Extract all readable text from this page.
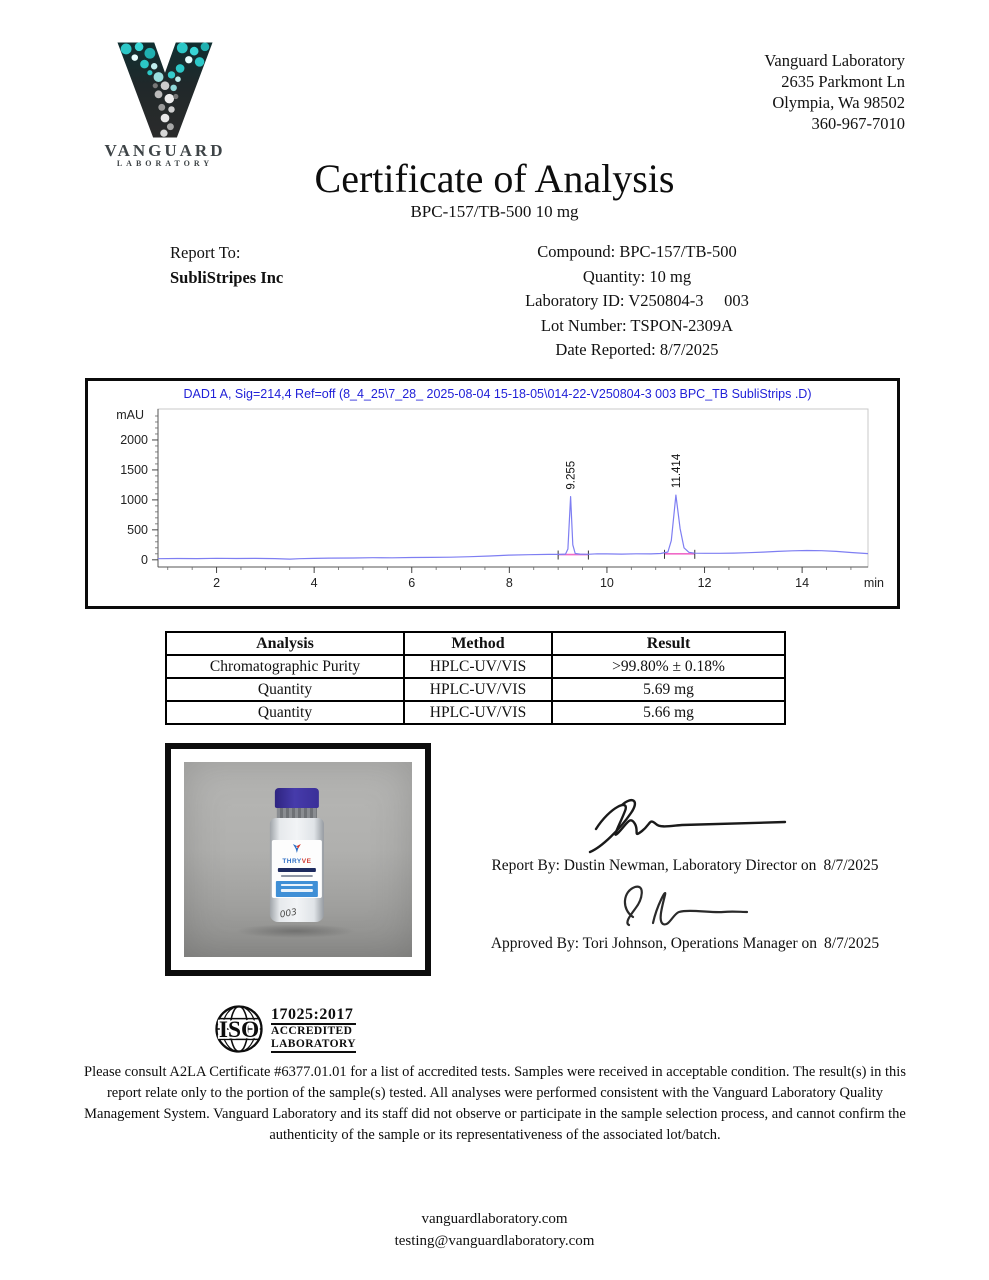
VANGUARD
LABORATORY
Vanguard Laboratory
2635 Parkmont Ln
Olympia, Wa 98502
360-967-7010
Certificate of Analysis
BPC-157/TB-500 10 mg
Report To:
SubliStripes Inc
Compound: BPC-157/TB-500
Quantity: 10 mg
Laboratory ID: V250804-3     003
Lot Number: TSPON-2309A
Date Reported: 8/7/2025
DAD1 A, Sig=214,4 Ref=off (8_4_25\7_28_ 2025-08-04 15-18-05\014-22-V250804-3 003 BPC_TB SubliStrips .D)
0
500
1000
1500
2000
mAU
2	4	6	8	10	12	14	min
9.255	11.414
Analysis	Method	Result
Chromatographic Purity	HPLC-UV/VIS	>99.80% ± 0.18%
Quantity	HPLC-UV/VIS	5.69 mg
Quantity	HPLC-UV/VIS	5.66 mg
THRYVE
003
Report By: Dustin Newman, Laboratory Director on 8/7/2025
Approved By: Tori Johnson, Operations Manager on 8/7/2025
ISO
17025:2017
ACCREDITED
LABORATORY
Please consult A2LA Certificate #6377.01.01 for a list of accredited tests. Samples were received in acceptable condition. The result(s) in this
report relate only to the portion of the sample(s) tested. All analyses were performed consistent with the Vanguard Laboratory Quality
Management System. Vanguard Laboratory and its staff did not observe or participate in the sample selection process, and cannot confirm the
authenticity of the sample or its representativeness of the associated lot/batch.
vanguardlaboratory.com
testing@vanguardlaboratory.com
